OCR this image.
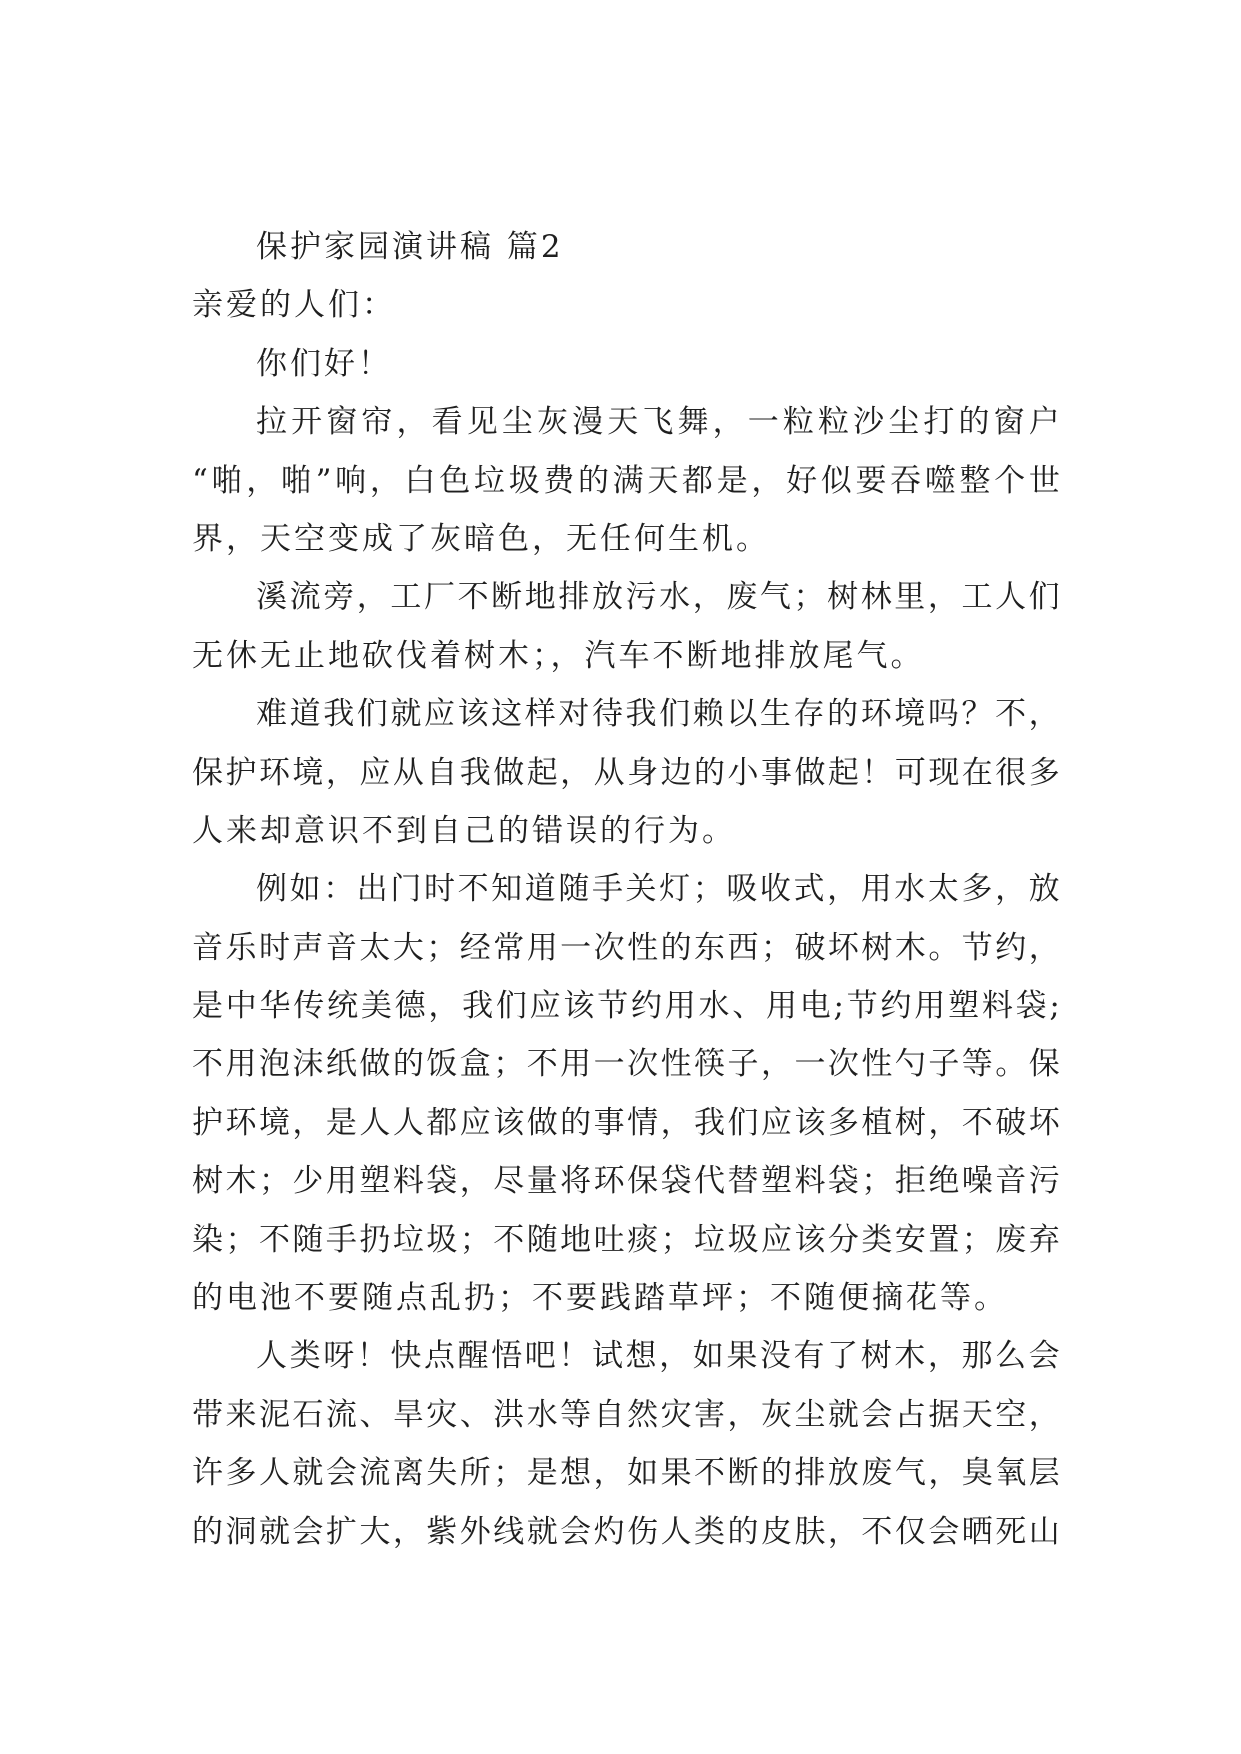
保护家园演讲稿 篇2
亲爱的人们：
你们好！
拉 开 窗 帘 ， 看 见 尘 灰 漫 天 飞 舞 ， 一 粒 粒 沙 尘 打 的 窗 户
“ 啪 ， 啪 ” 响 ， 白 色 垃 圾 费 的 满 天 都 是 ， 好 似 要 吞 噬 整 个 世
界，天空变成了灰暗色，无任何生机。
溪 流 旁 ， 工 厂 不 断 地 排 放 污 水 ， 废 气 ； 树 林 里 ， 工 人 们
无休无止地砍伐着树木；，汽车不断地排放尾气。
难 道 我 们 就 应 该 这 样 对 待 我 们 赖 以 生 存 的 环 境 吗 ？ 不 ，
保 护 环 境 ， 应 从 自 我 做 起 ， 从 身 边 的 小 事 做 起 ！ 可 现 在 很 多
人来却意识不到自己的错误的行为。
例 如 ： 出 门 时 不 知 道 随 手 关 灯 ； 吸 收 式 ， 用 水 太 多 ， 放
音 乐 时 声 音 太 大 ； 经 常 用 一 次 性 的 东 西 ； 破 坏 树 木 。 节 约 ，
是 中 华 传 统 美 德 ， 我 们 应 该 节 约 用 水 、 用 电 ; 节 约 用 塑 料 袋 ;
不 用 泡 沫 纸 做 的 饭 盒 ； 不 用 一 次 性 筷 子 ， 一 次 性 勺 子 等 。 保
护 环 境 ， 是 人 人 都 应 该 做 的 事 情 ， 我 们 应 该 多 植 树 ， 不 破 坏
树 木 ； 少 用 塑 料 袋 ， 尽 量 将 环 保 袋 代 替 塑 料 袋 ； 拒 绝 噪 音 污
染 ； 不 随 手 扔 垃 圾 ； 不 随 地 吐 痰 ； 垃 圾 应 该 分 类 安 置 ； 废 弃
的电池不要随点乱扔；不要践踏草坪；不随便摘花等。
人 类 呀 ！ 快 点 醒 悟 吧 ！ 试 想 ， 如 果 没 有 了 树 木 ， 那 么 会
带 来 泥 石 流 、 旱 灾 、 洪 水 等 自 然 灾 害 ， 灰 尘 就 会 占 据 天 空 ，
许 多 人 就 会 流 离 失 所 ； 是 想 ， 如 果 不 断 的 排 放 废 气 ， 臭 氧 层
的 洞 就 会 扩 大 ， 紫 外 线 就 会 灼 伤 人 类 的 皮 肤 ， 不 仅 会 晒 死 山
